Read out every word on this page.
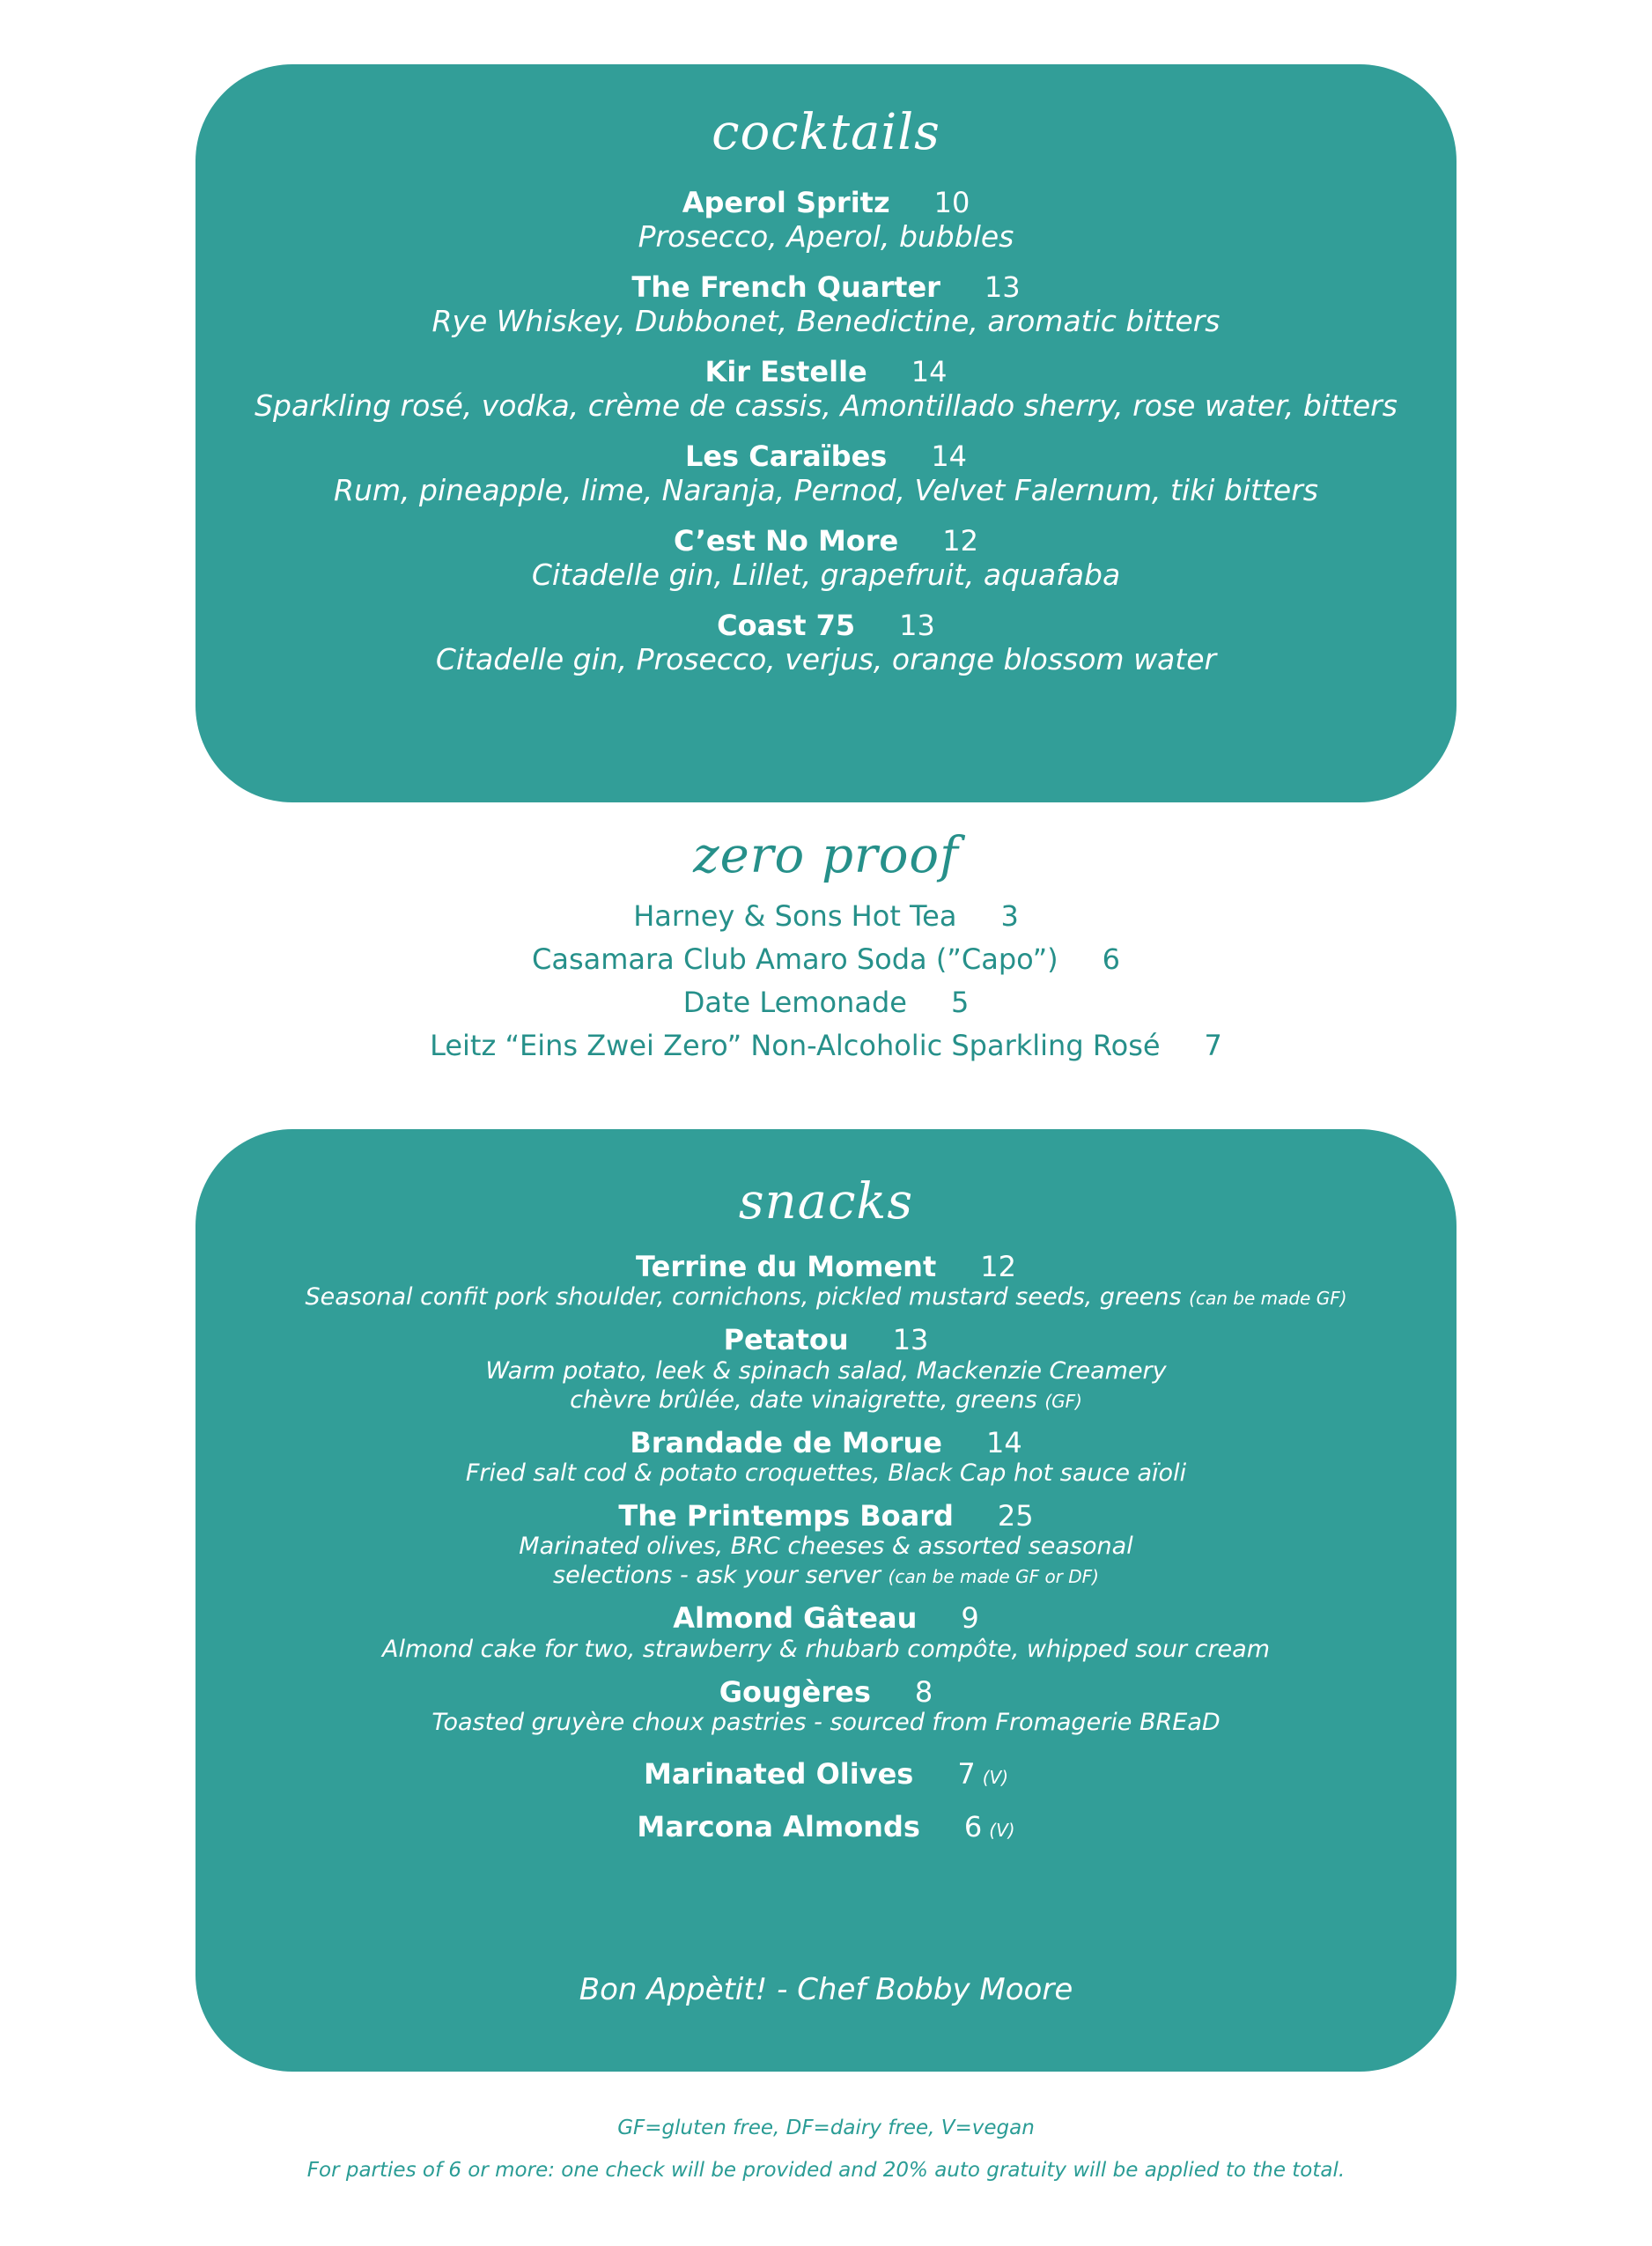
cocktails
Aperol Spritz 10
Prosecco, Aperol, bubbles
The French Quarter 13
Rye Whiskey, Dubbonet, Benedictine, aromatic bitters
Kir Estelle 14
Sparkling rosé, vodka, crème de cassis, Amontillado sherry, rose water, bitters
Les Caraïbes 14
Rum, pineapple, lime, Naranja, Pernod, Velvet Falernum, tiki bitters
C’est No More 12
Citadelle gin, Lillet, grapefruit, aquafaba
Coast 75 13
Citadelle gin, Prosecco, verjus, orange blossom water
zero proof
Harney & Sons Hot Tea 3
Casamara Club Amaro Soda (”Capo”) 6
Date Lemonade 5
Leitz “Eins Zwei Zero” Non-Alcoholic Sparkling Rosé 7
snacks
Terrine du Moment 12
Seasonal confit pork shoulder, cornichons, pickled mustard seeds, greens (can be made GF)
Petatou 13
Warm potato, leek & spinach salad, Mackenzie Creamery
chèvre brûlée, date vinaigrette, greens (GF)
Brandade de Morue 14
Fried salt cod & potato croquettes, Black Cap hot sauce aïoli
The Printemps Board 25
Marinated olives, BRC cheeses & assorted seasonal
selections - ask your server (can be made GF or DF)
Almond Gâteau 9
Almond cake for two, strawberry & rhubarb compôte, whipped sour cream
Gougères 8
Toasted gruyère choux pastries - sourced from Fromagerie BREaD
Marinated Olives 7 (V)
Marcona Almonds 6 (V)
Bon Appètit! - Chef Bobby Moore
GF=gluten free, DF=dairy free, V=vegan
For parties of 6 or more: one check will be provided and 20% auto gratuity will be applied to the total.
